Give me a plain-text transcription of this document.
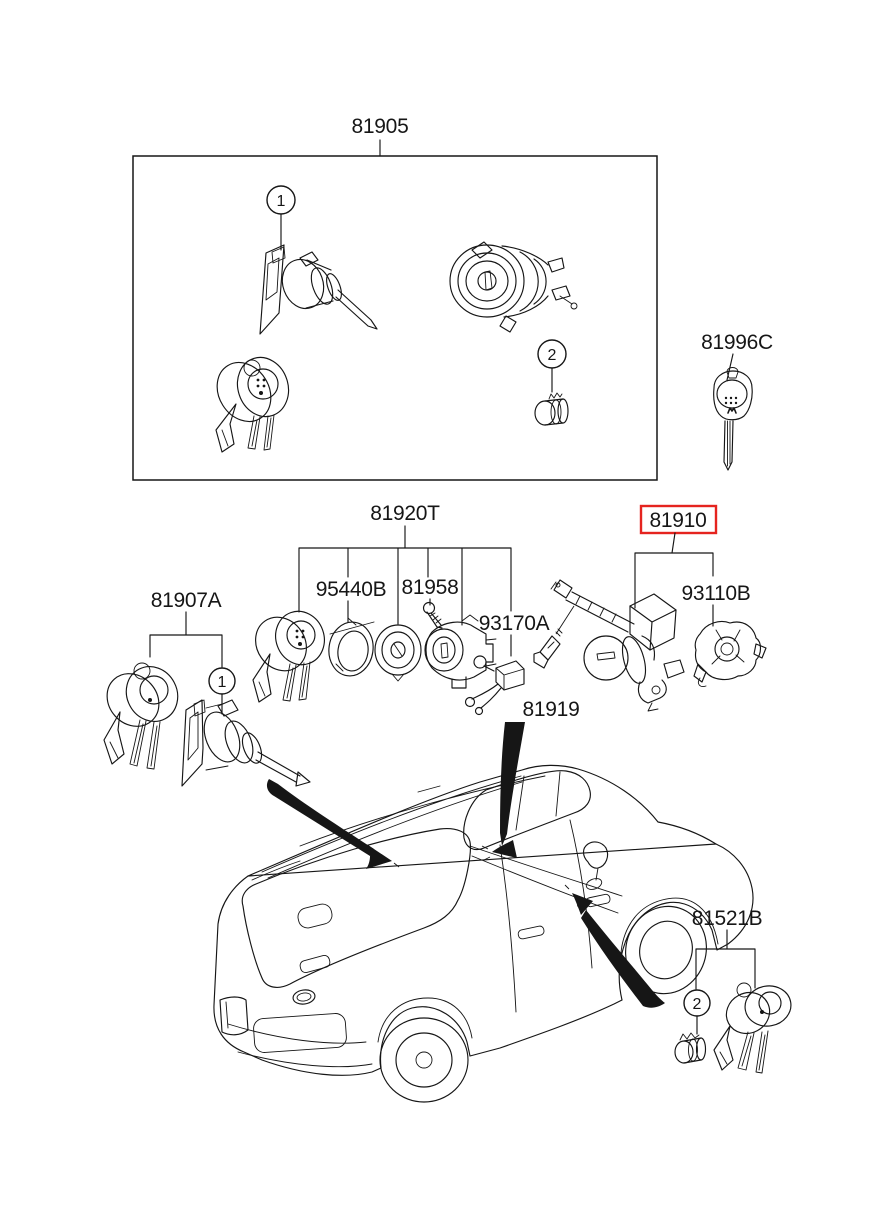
81905
1
2
81996C
81920T
95440B 81958
93170A
81919
81910
93110B
81907A
1
81521B
2
